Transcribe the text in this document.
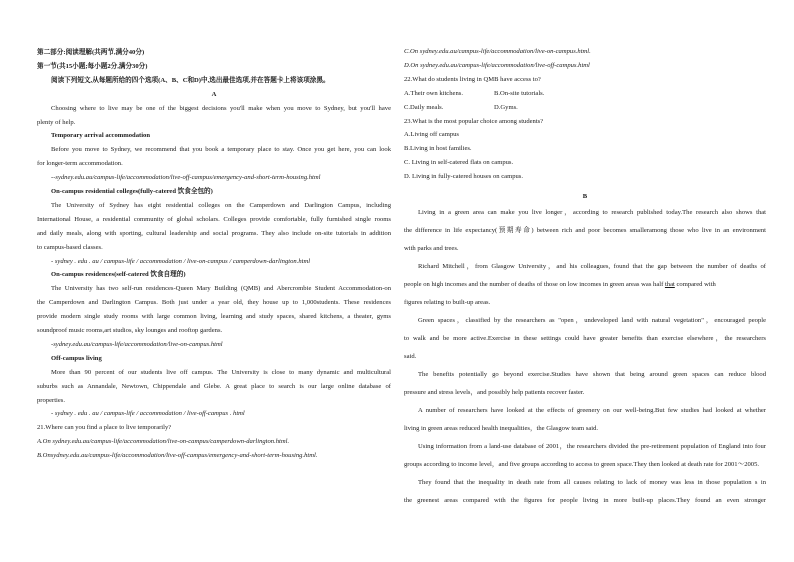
第二部分:阅读理解(共两节,满分40分)
第一节(共15小题;每小题2分,满分30分)
阅读下列短文,从每题所给的四个选项(A、B、C和D)中,选出最佳选项,并在答题卡上将该项涂黑。
A
Choosing where to live may be one of the biggest decisions you'll make when you move to Sydney, but you'll have
plenty of help.
Temporary arrival accommodation
Before you move to Sydney, we recommend that you book a temporary place to stay. Once you get here, you can look
for longer-term accommodation.
--sydney.edu.au/campus-life/accommodation/live-off-campus/emergency-and-short-term-housing.html
On-campus residential colleges(fully-catered 饮食全包的)
The University of Sydney has eight residential colleges on the Camperdown and Darlington Campus, including
International House, a residential community of global scholars. Colleges provide comfortable, fully furnished single rooms
and daily meals, along with sporting, cultural leadership and social programs. They also include on-site tutorials in addition
to campus-based classes.
- sydney . edu . au / campus-life / accommodation / live-on-campus / camperdown-darlington.html
On-campus residences(self-catered 饮食自理的)
The University has two self-run residences-Queen Mary Building (QMB) and Abercrombie Student Accommodation-on
the Camperdown and Darlington Campus. Both just under a year old, they house up to 1,000students. These residences
provide modern single study rooms with large common living, learning and study spaces, shared kitchens, a theater, gyms
soundproof music rooms,art studios, sky lounges and rooftop gardens.
-sydney.edu.au/campus-life/accommodation/live-on-campus.html
Off-campus living
More than 90 percent of our students live off campus. The University is close to many dynamic and multicultural
suburbs such as Annandale, Newtown, Chippendale and Glebe. A great place to search is our large online database of
properties.
- sydney . edu . au / campus-life / accommodation / live-off-campus . html
21.Where can you find a place to live temporarily?
A.On sydney.edu.au/campus-life/accommodation/live-on-campus/camperdown-darlington.html.
B.Onsydney.edu.au/campus-life/accommodation/live-off-campus/emergency-and-short-term-housing.html.
C.On sydney.edu.au/campus-life/accommodation/live-on-campus.html.
D.On sydney.edu.au/campus-life/accommodation/live-off-campus.html
22.What do students living in QMB have access to?
A.Their own kitchens.	B.On-site tutorials.
C.Daily meals.	D.Gyms.
23.What is the most popular choice among students?
A.Living off campus
B.Living in host families.
C. Living in self-catered flats on campus.
D. Living in fully-catered houses on campus.
B
Living in a green area can make you live longer，according to research published today.The research also shows that
the difference in life expectancy(预期寿命) between rich and poor becomes smalleramong those who live in an environment
with parks and trees.
Richard Mitchell，from Glasgow University，and his colleagues, found that the gap between the number of deaths of
people on high incomes and the number of deaths of those on low incomes in green areas was half that compared with
figures relating to built-up areas.
Green spaces，classified by the researchers as "open，undeveloped land with natural vegetation"，encouraged people
to walk and be more active.Exercise in these settings could have greater benefits than exercise elsewhere，the researchers
said.
The benefits potentially go beyond exercise.Studies have shown that being around green spaces can reduce blood
pressure and stress levels，and possibly help patients recover faster.
A number of researchers have looked at the effects of greenery on our well-being.But few studies had looked at whether
living in green areas reduced health inequalities，the Glasgow team said.
Using information from a land-use database of 2001，the researchers divided the pre-retirement population of England into four
groups according to income level，and five groups according to access to green space.They then looked at death rate for 2001～2005.
They found that the inequality in death rate from all causes relating to lack of money was less in those population s in
the greenest areas compared with the figures for people living in more built-up places.They found an even stronger
